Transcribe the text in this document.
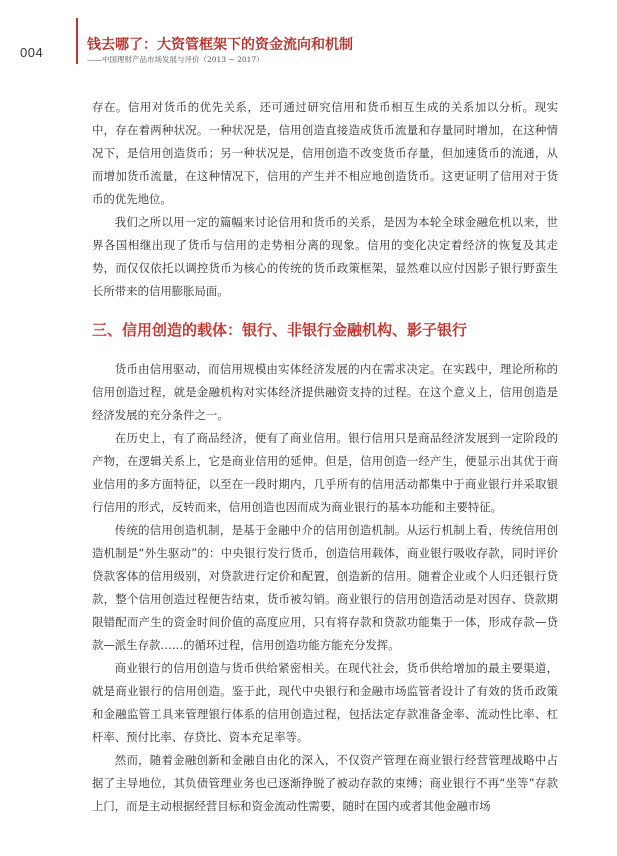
004	钱去哪了：大资管框架下的资金流向和机制
——中国理财产品市场发展与评价（2013 ~ 2017）

存在。信用对货币的优先关系，还可通过研究信用和货币相互生成的关系加以分析。现实中，存在着两种状况。一种状况是，信用创造直接造成货币流量和存量同时增加，在这种情况下，是信用创造货币；另一种状况是，信用创造不改变货币存量，但加速货币的流通，从而增加货币流量，在这种情况下，信用的产生并不相应地创造货币。这更证明了信用对于货币的优先地位。

我们之所以用一定的篇幅来讨论信用和货币的关系，是因为本轮全球金融危机以来，世界各国相继出现了货币与信用的走势相分离的现象。信用的变化决定着经济的恢复及其走势，而仅仅依托以调控货币为核心的传统的货币政策框架，显然难以应付因影子银行野蛮生长所带来的信用膨胀局面。

三、信用创造的载体：银行、非银行金融机构、影子银行

货币由信用驱动，而信用规模由实体经济发展的内在需求决定。在实践中，理论所称的信用创造过程，就是金融机构对实体经济提供融资支持的过程。在这个意义上，信用创造是经济发展的充分条件之一。

在历史上，有了商品经济，便有了商业信用。银行信用只是商品经济发展到一定阶段的产物，在逻辑关系上，它是商业信用的延伸。但是，信用创造一经产生，便显示出其优于商业信用的多方面特征，以至在一段时期内，几乎所有的信用活动都集中于商业银行并采取银行信用的形式，反转而来，信用创造也因而成为商业银行的基本功能和主要特征。

传统的信用创造机制，是基于金融中介的信用创造机制。从运行机制上看，传统信用创造机制是“外生驱动”的：中央银行发行货币，创造信用载体，商业银行吸收存款，同时评价贷款客体的信用级别，对贷款进行定价和配置，创造新的信用。随着企业或个人归还银行贷款，整个信用创造过程便告结束，货币被勾销。商业银行的信用创造活动是对因存、贷款期限错配而产生的资金时间价值的高度应用，只有将存款和贷款功能集于一体，形成存款—贷款—派生存款……的循环过程，信用创造功能方能充分发挥。

商业银行的信用创造与货币供给紧密相关。在现代社会，货币供给增加的最主要渠道，就是商业银行的信用创造。鉴于此，现代中央银行和金融市场监管者设计了有效的货币政策和金融监管工具来管理银行体系的信用创造过程，包括法定存款准备金率、流动性比率、杠杆率、预付比率、存贷比、资本充足率等。

然而，随着金融创新和金融自由化的深入，不仅资产管理在商业银行经营管理战略中占据了主导地位，其负债管理业务也已逐渐挣脱了被动存款的束缚；商业银行不再“坐等”存款上门，而是主动根据经营目标和资金流动性需要，随时在国内或者其他金融市场
